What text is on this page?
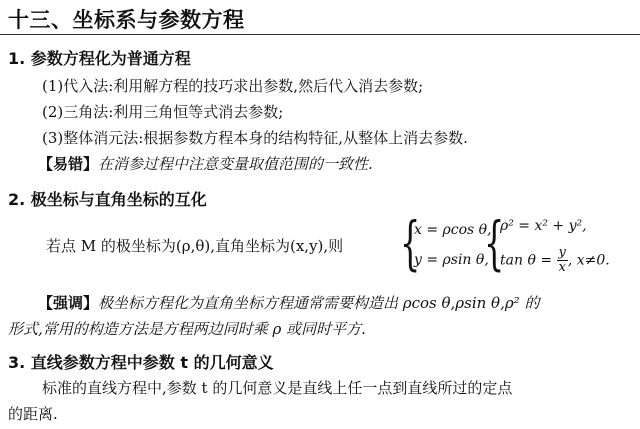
十三、坐标系与参数方程
1. 参数方程化为普通方程
(1)代入法:利用解方程的技巧求出参数,然后代入消去参数;
(2)三角法:利用三角恒等式消去参数;
(3)整体消元法:根据参数方程本身的结构特征,从整体上消去参数.
【易错】在消参过程中注意变量取值范围的一致性.
2. 极坐标与直角坐标的互化
若点 M 的极坐标为(ρ,θ),直角坐标为(x,y),则 {
x = ρcos θ,
y = ρsin θ,
{
ρ² = x² + y²,
$\tan \theta = \frac{y}{x}$ , x≠0.
【强调】极坐标方程化为直角坐标方程通常需要构造出 ρcos θ,ρsin θ,ρ² 的
形式,常用的构造方法是方程两边同时乘 ρ 或同时平方.
3. 直线参数方程中参数 t 的几何意义
标准的直线方程中,参数 t 的几何意义是直线上任一点到直线所过的定点
的距离.
